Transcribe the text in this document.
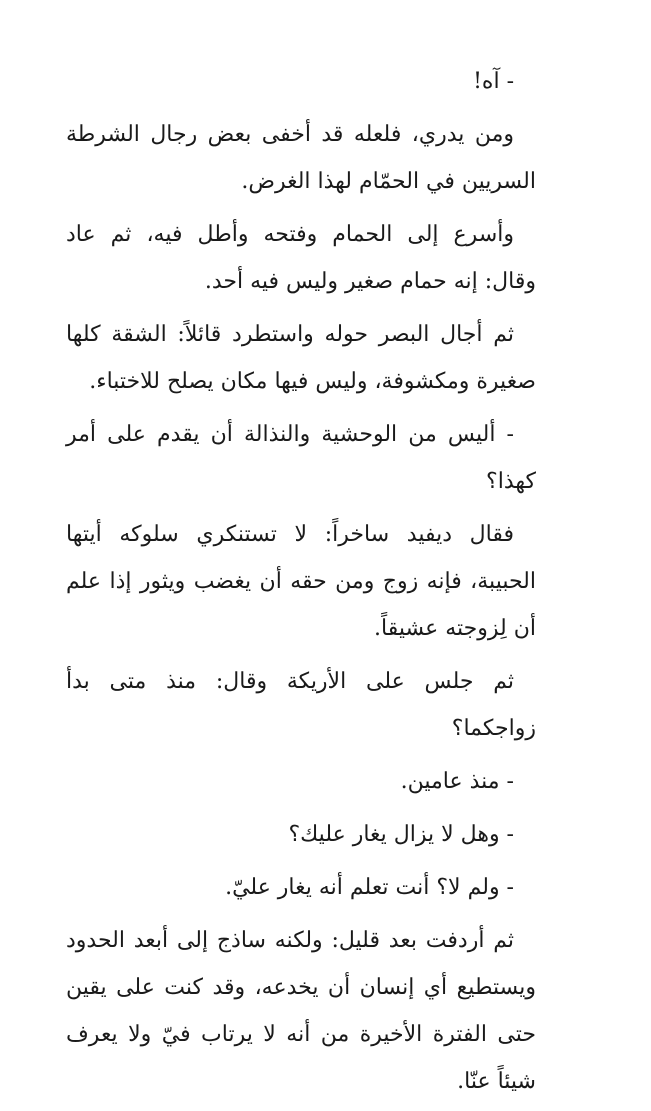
- آه!

ومن يدري، فلعله قد أخفى بعض رجال الشرطة السريين في الحمّام لهذا الغرض.

وأسرع إلى الحمام وفتحه وأطل فيه، ثم عاد وقال: إنه حمام صغير وليس فيه أحد.

ثم أجال البصر حوله واستطرد قائلاً: الشقة كلها صغيرة ومكشوفة، وليس فيها مكان يصلح للاختباء.

- أليس من الوحشية والنذالة أن يقدم على أمر كهذا؟

فقال ديفيد ساخراً: لا تستنكري سلوكه أيتها الحبيبة، فإنه زوج ومن حقه أن يغضب ويثور إذا علم أن لِزوجته عشيقاً.

ثم جلس على الأريكة وقال: منذ متى بدأ زواجكما؟

- منذ عامين.

- وهل لا يزال يغار عليك؟

- ولم لا؟ أنت تعلم أنه يغار عليّ.

ثم أردفت بعد قليل: ولكنه ساذج إلى أبعد الحدود ويستطيع أي إنسان أن يخدعه، وقد كنت على يقين حتى الفترة الأخيرة من أنه لا يرتاب فيّ ولا يعرف شيئاً عنّا.
